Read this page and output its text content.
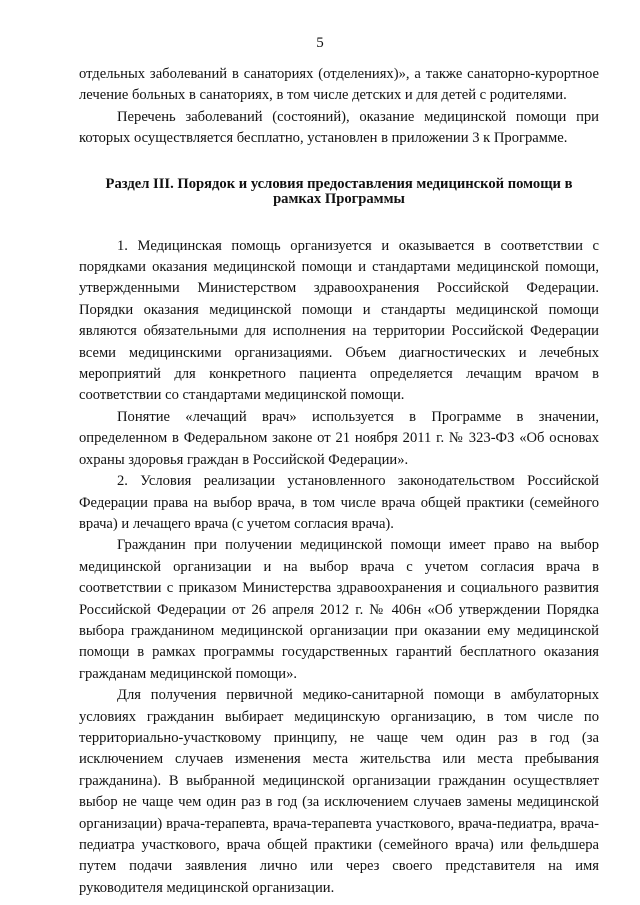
5

отдельных заболеваний в санаториях (отделениях)», а также санаторно-курортное лечение больных в санаториях, в том числе детских и для детей с родителями.

Перечень заболеваний (состояний), оказание медицинской помощи при которых осуществляется бесплатно, установлен в приложении 3 к Программе.

Раздел III. Порядок и условия предоставления медицинской помощи в рамках Программы

1. Медицинская помощь организуется и оказывается в соответствии с порядками оказания медицинской помощи и стандартами медицинской помощи, утвержденными Министерством здравоохранения Российской Федерации. Порядки оказания медицинской помощи и стандарты медицинской помощи являются обязательными для исполнения на территории Российской Федерации всеми медицинскими организациями. Объем диагностических и лечебных мероприятий для конкретного пациента определяется лечащим врачом в соответствии со стандартами медицинской помощи.

Понятие «лечащий врач» используется в Программе в значении, определенном в Федеральном законе от 21 ноября 2011 г. № 323-ФЗ «Об основах охраны здоровья граждан в Российской Федерации».

2. Условия реализации установленного законодательством Российской Федерации права на выбор врача, в том числе врача общей практики (семейного врача) и лечащего врача (с учетом согласия врача).

Гражданин при получении медицинской помощи имеет право на выбор медицинской организации и на выбор врача с учетом согласия врача в соответствии с приказом Министерства здравоохранения и социального развития Российской Федерации от 26 апреля 2012 г. № 406н «Об утверждении Порядка выбора гражданином медицинской организации при оказании ему медицинской помощи в рамках программы государственных гарантий бесплатного оказания гражданам медицинской помощи».

Для получения первичной медико-санитарной помощи в амбулаторных условиях гражданин выбирает медицинскую организацию, в том числе по территориально-участковому принципу, не чаще чем один раз в год (за исключением случаев изменения места жительства или места пребывания гражданина). В выбранной медицинской организации гражданин осуществляет выбор не чаще чем один раз в год (за исключением случаев замены медицинской организации) врача-терапевта, врача-терапевта участкового, врача-педиатра, врача-педиатра участкового, врача общей практики (семейного врача) или фельдшера путем подачи заявления лично или через своего представителя на имя руководителя медицинской организации.
